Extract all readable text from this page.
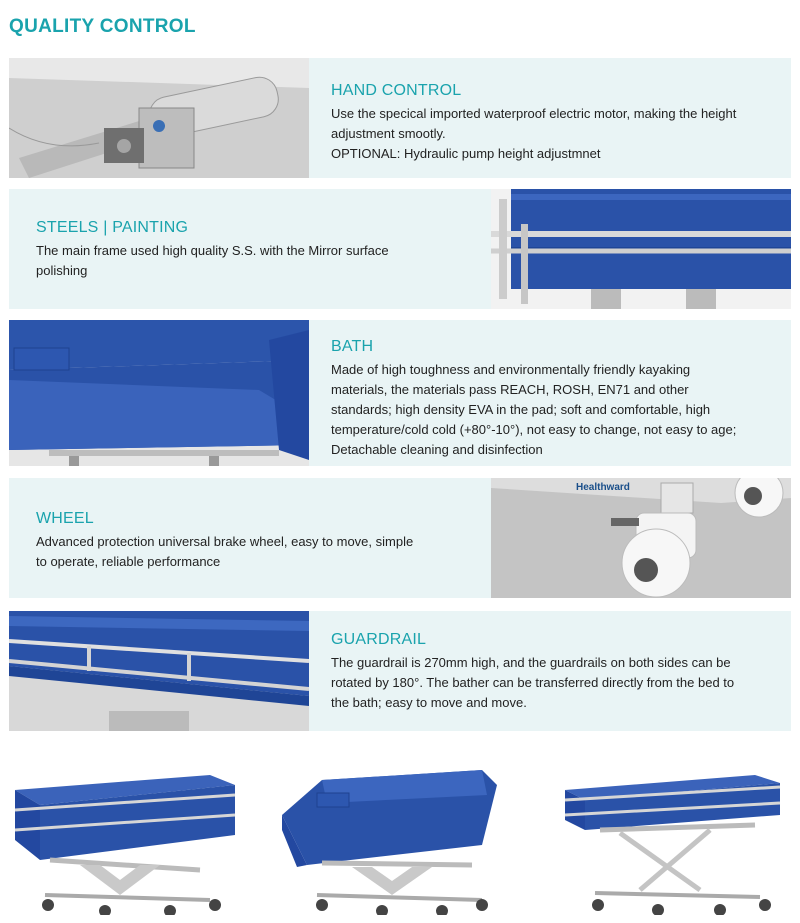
QUALITY CONTROL
HAND CONTROL
Use the specical imported waterproof electric motor, making the height
adjustment smootly.
OPTIONAL: Hydraulic pump height adjustmnet
STEELS | PAINTING
The main frame used high quality S.S. with the Mirror surface
polishing
BATH
Made of high toughness and environmentally friendly kayaking
materials, the materials pass REACH, ROSH, EN71 and other
standards; high density EVA in the pad; soft and comfortable, high
temperature/cold cold (+80°-10°), not easy to change, not easy to age;
Detachable cleaning and disinfection
WHEEL
Advanced protection universal brake wheel, easy to move, simple
to operate, reliable performance
Healthward
GUARDRAIL
The guardrail is 270mm high, and the guardrails on both sides can be
rotated by 180°. The bather can be transferred directly from the bed to
the bath; easy to move and move.
